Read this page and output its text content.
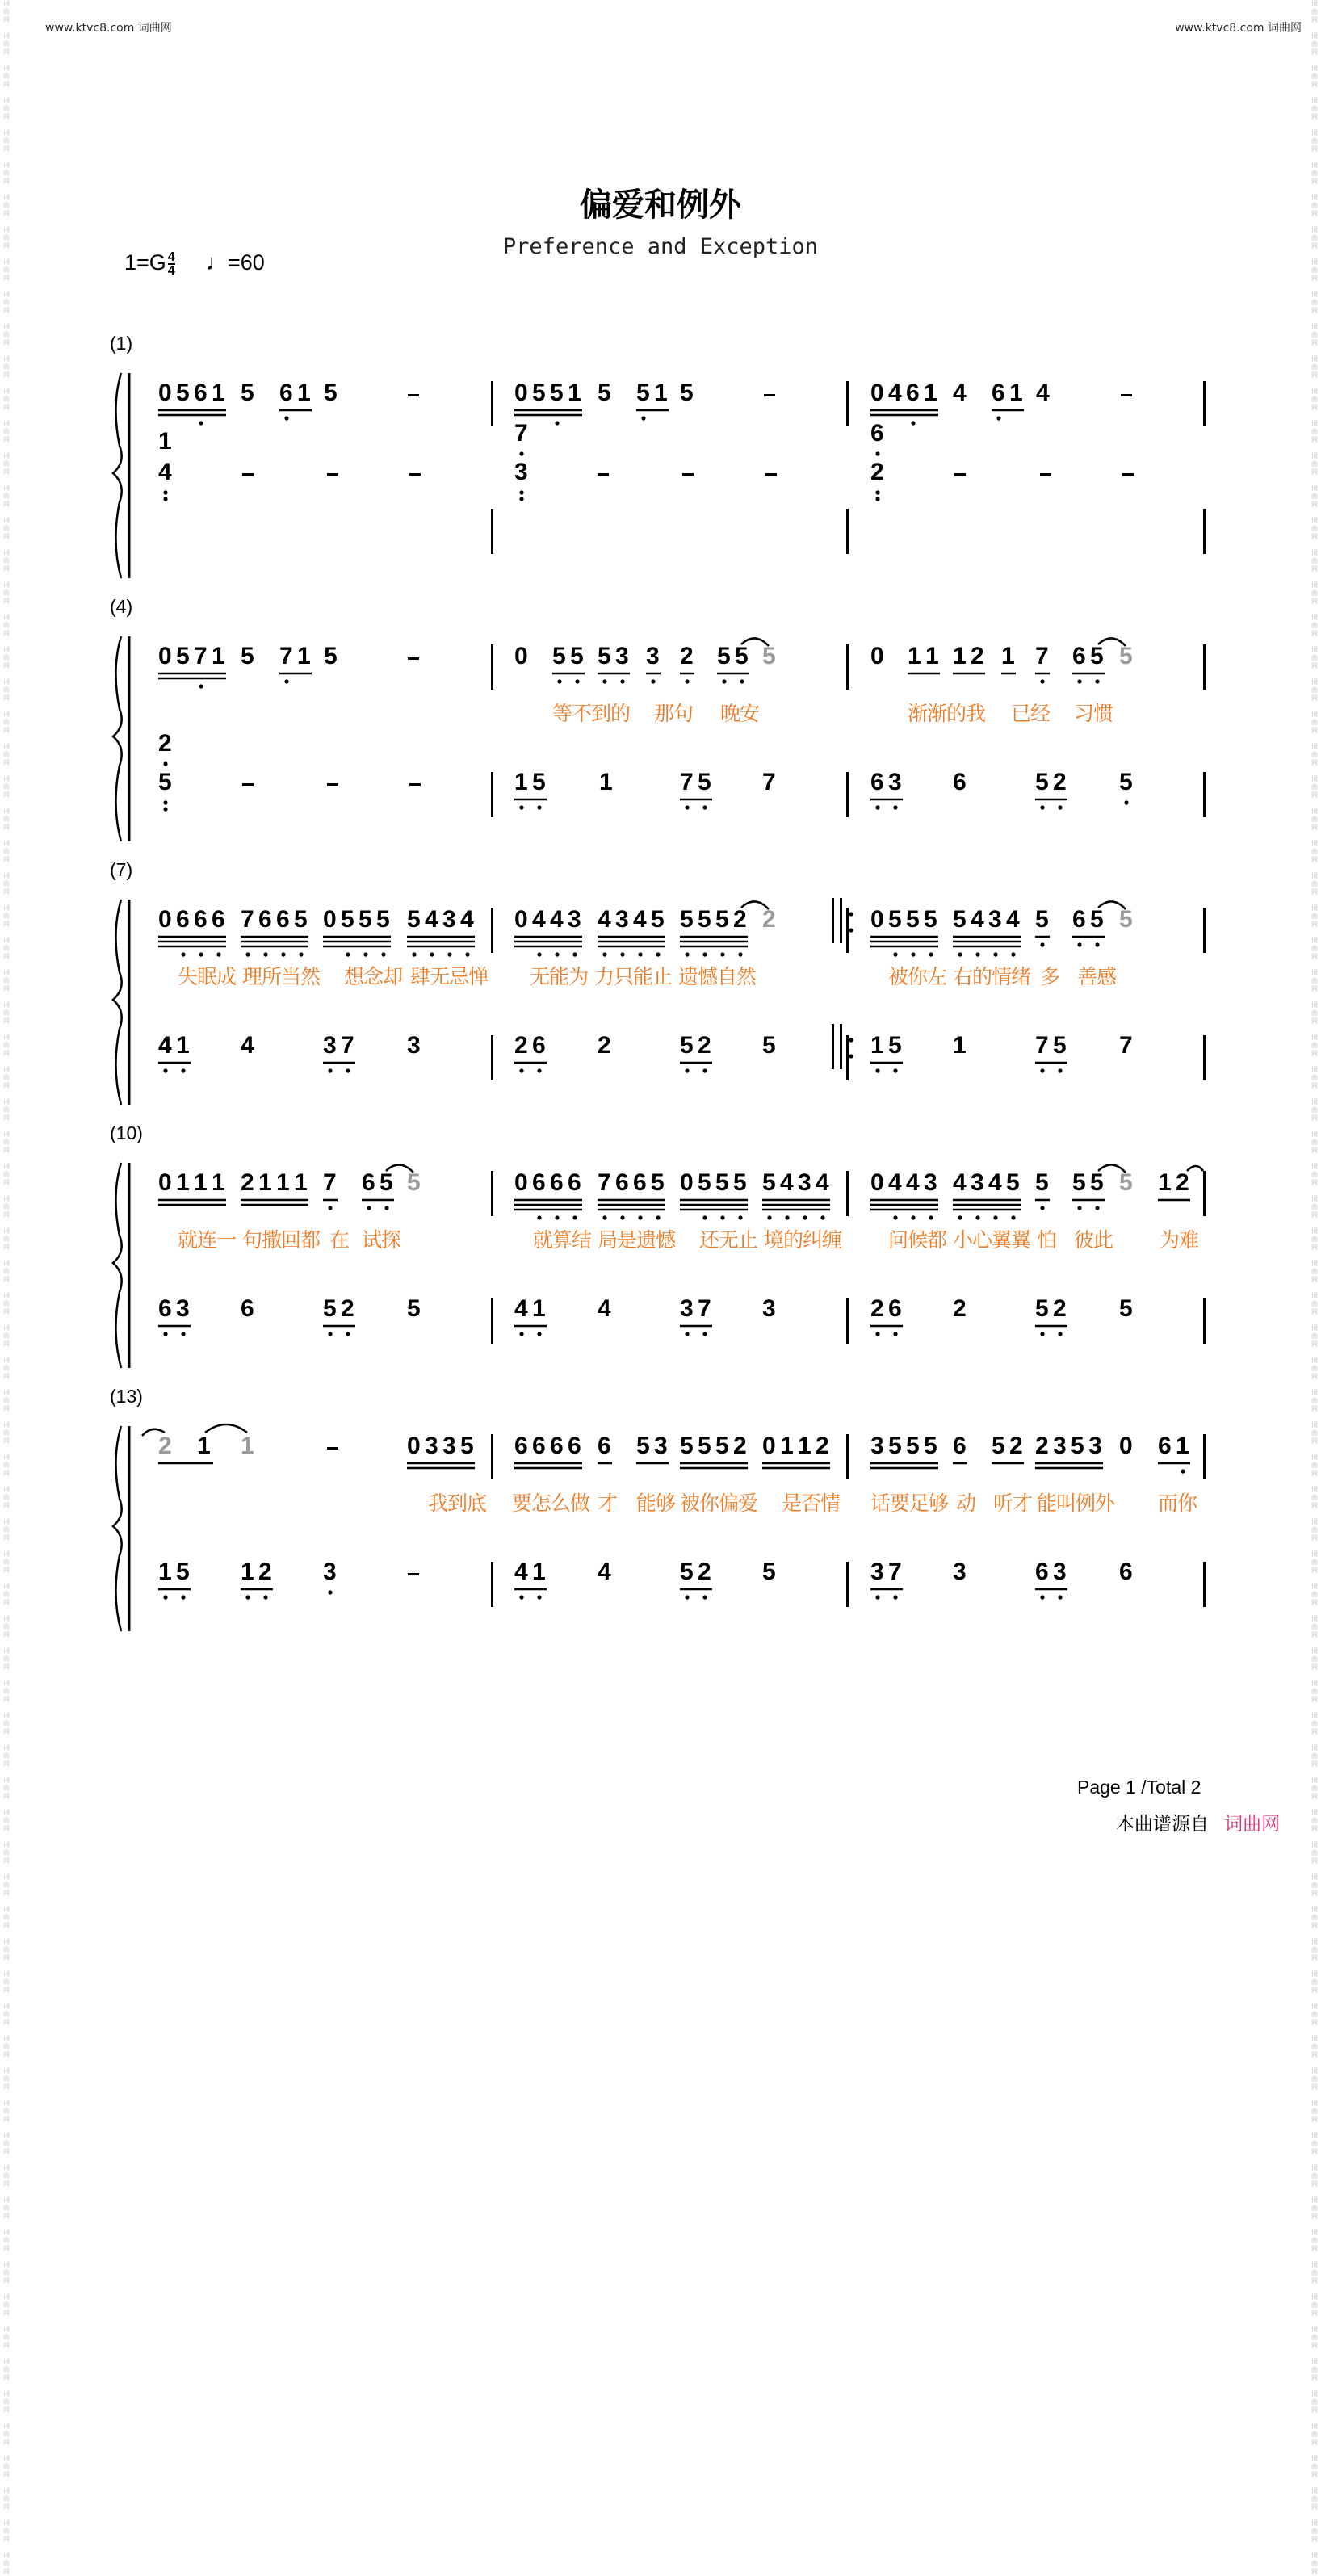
www.ktvc8.com 词曲网	www.ktvc8.com 词曲网
词
曲
网

词
曲
网

词
曲
网

词
曲
网

词
曲
网

词
曲
网

词
曲
网

词
曲
网

词
曲
网

词
曲
网

词
曲
网

词
曲
网

词
曲
网

词
曲
网

词
曲
网

词
曲
网

词
曲
网

词
曲
网

词
曲
网

词
曲
网

词
曲
网

词
曲
网

词
曲
网

词
曲
网

词
曲
网

词
曲
网

词
曲
网

词
曲
网

词
曲
网

词
曲
网

词
曲
网

词
曲
网

词
曲
网

词
曲
网

词
曲
网

词
曲
网

词
曲
网

词
曲
网

词
曲
网

词
曲
网

词
曲
网

词
曲
网

词
曲
网

词
曲
网

词
曲
网

词
曲
网

词
曲
网

词
曲
网

词
曲
网

词
曲
网

词
曲
网

词
曲
网

词
曲
网

词
曲
网

词
曲
网

词
曲
网

词
曲
网

词
曲
网

词
曲
网

词
曲
网

词
曲
网

词
曲
网

词
曲
网

词
曲
网

词
曲
网

词
曲
网

词
曲
网

词
曲
网

词
曲
网

词
曲
网

词
曲
网

词
曲
网

词
曲
网

词
曲
网

词
曲
网

词
曲
网

词
曲
网

词
曲
网

词
曲
网

词
曲
网

词
曲
网

词
曲
网

词
曲
网

词
曲
网

词
曲
网

词
曲
网

词
曲
网

词
曲
网

词
曲
网

词
曲
网

词
曲
网

词
曲
网

词
曲
网

词
曲
网

词
曲
网

词
曲
网

词
曲
网

词
曲
网

词
曲
网

词
曲
网

词
曲
网

词
曲
网

词
曲
网

词
曲
网

词
曲
网

词
曲
网

词
曲
网

词
曲
网

词
曲
网

词
曲
网

词
曲
网

词
曲
网

词
曲
网

词
曲
网

词
曲
网

词
曲
网

词
曲
网

词
曲
网

词
曲
网

词
曲
网

词
曲
网

词
曲
网

词
曲
网

词
曲
网

词
曲
网

词
曲
网

词
曲
网

词
曲
网

词
曲
网

词
曲
网

词
曲
网

词
曲
网

词
曲
网

词
曲
网

词
曲
网

词
曲
网

词
曲
网

词
曲
网

词
曲
网

词
曲
网

词
曲
网

词
曲
网

词
曲
网

词
曲
网

词
曲
网

词
曲
网

词
曲
网

词
曲
网

词
曲
网

词
曲
网

词
曲
网

词
曲
网

词
曲
网

词
曲
网

词
曲
网

词
曲
网

词
曲
网

词
曲
网

词
曲
网

词
曲
网

偏爱和例外
Preference and Exception
$1=G \frac{4}{4}$ ♩=60
(1)
(4)
(7)
(10)
(13)
0 5 6 1 5 6 1 5	0 5 5 1 5 5 1 5	0 4 6 1 4 6 1 4
1
4
7
3
6
2
0 5 7 1 5 7 1 5	0 5 5 5 3 3 2 5 5 5	0 1 1 1 2 1 7 6 5 5
2
5	1 5 1	7 5 7	6 3 6	5 2 5
0 6 6 6 7 6 6 5 0 5 5 5 5 4 3 4 0 4 4 3 4 3 4 5 5 5 5 2 2	0 5 5 5 5 4 3 4 5 6 5 5
4 1 4	3 7 3	2 6 2	5 2 5	1 5 1	7 5 7
0 1 1 1 2 1 1 1 7 6 5 5	0 6 6 6 7 6 6 5 0 5 5 5 5 4 3 4 0 4 4 3 4 3 4 5 5 5 5 5 1 2
6 3 6	5 2 5	4 1 4	3 7 3	2 6 2	5 2 5
2 1 1	0 3 3 5 6 6 6 6 6 5 3 5 5 5 2 0 1 1 2 3 5 5 5 6 5 2 2 3 5 3 0 6 1
1 5 1 2 3	4 1 4	5 2 5	3 7 3	6 3 6
等不到的 那句 晚安	渐渐的我 已经 习惯
失眠成 理所当然 想念却 肆无忌惮 无能为 力只能止 遗憾自然	被你左 右的情绪 多 善感
就连一 句撒回都 在 试探	就算结 局是遗憾 还无止 境的纠缠 问候都 小心翼翼 怕 彼此 为难
我到底 要怎么做 才 能够 被你偏爱 是否情 话要足够 动 听才 能叫例外 而你
Page 1 /Total 2
本曲谱源自 词曲网
